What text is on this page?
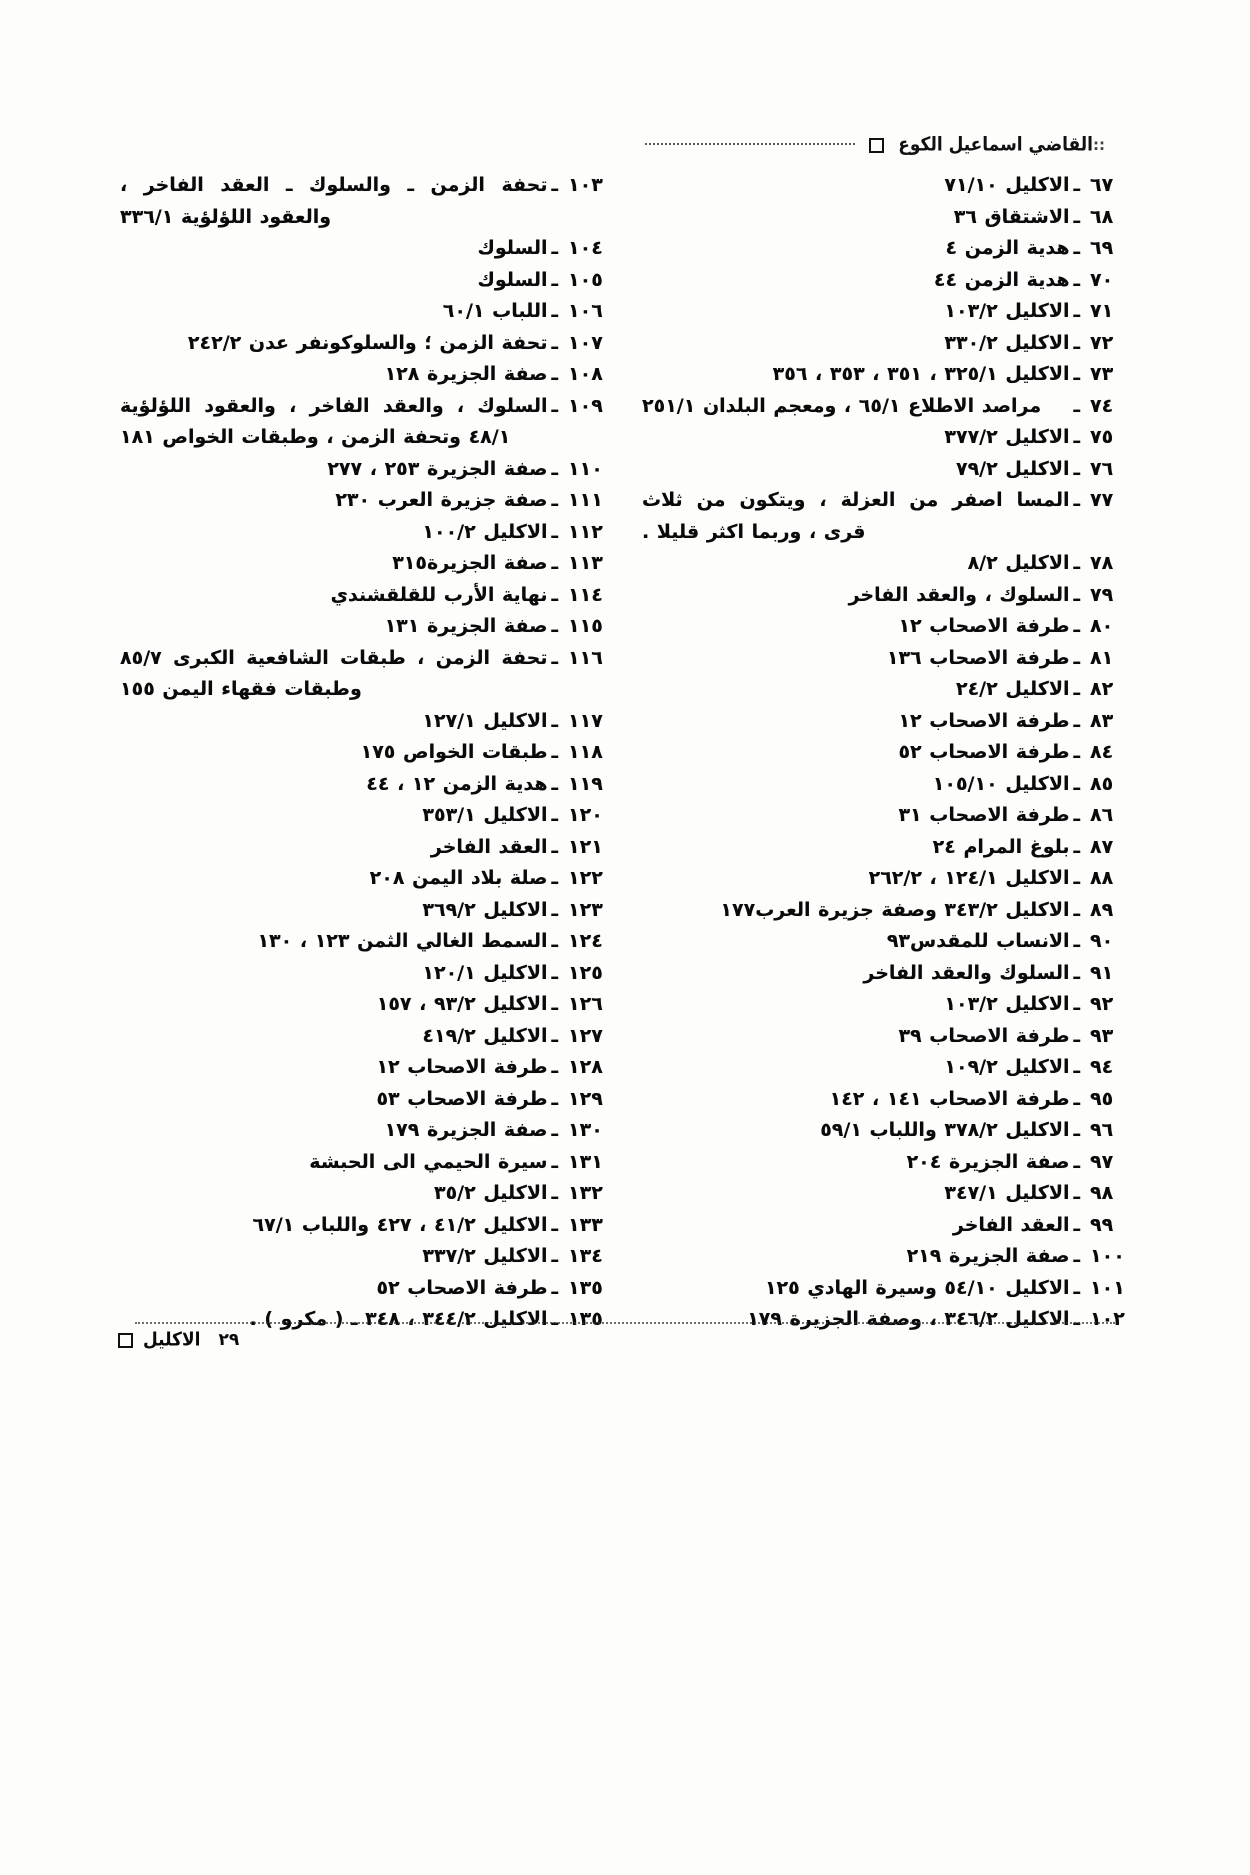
::
القاضي اسماعيل الكوع
٦٧
ـ
الاكليل ٧١/١٠
٦٨
ـ
الاشتقاق ٣٦
٦٩
ـ
هدية الزمن ٤
٧٠
ـ
هدية الزمن ٤٤
٧١
ـ
الاكليل ١٠٣/٢
٧٢
ـ
الاكليل ٣٣٠/٢
٧٣
ـ
الاكليل ٣٢٥/١ ، ٣٥١ ، ٣٥٣ ، ٣٥٦
٧٤
ـ
مراصد الاطلاع ٦٥/١ ، ومعجم البلدان ٢٥١/١
٧٥
ـ
الاكليل ٣٧٧/٢
٧٦
ـ
الاكليل ٧٩/٢
٧٧
ـ
المسا اصفر من العزلة ، ويتكون من ثلاث قرى ، وربما اكثر قليلا .
٧٨
ـ
الاكليل ٨/٢
٧٩
ـ
السلوك ، والعقد الفاخر
٨٠
ـ
طرفة الاصحاب ١٢
٨١
ـ
طرفة الاصحاب ١٣٦
٨٢
ـ
الاكليل ٢٤/٢
٨٣
ـ
طرفة الاصحاب ١٢
٨٤
ـ
طرفة الاصحاب ٥٢
٨٥
ـ
الاكليل ١٠٥/١٠
٨٦
ـ
طرفة الاصحاب ٣١
٨٧
ـ
بلوغ المرام ٢٤
٨٨
ـ
الاكليل ١٢٤/١ ، ٢٦٢/٢
٨٩
ـ
الاكليل ٣٤٣/٢ وصفة جزيرة العرب١٧٧
٩٠
ـ
الانساب للمقدس٩٣
٩١
ـ
السلوك والعقد الفاخر
٩٢
ـ
الاكليل ١٠٣/٢
٩٣
ـ
طرفة الاصحاب ٣٩
٩٤
ـ
الاكليل ١٠٩/٢
٩٥
ـ
طرفة الاصحاب ١٤١ ، ١٤٢
٩٦
ـ
الاكليل ٣٧٨/٢ واللباب ٥٩/١
٩٧
ـ
صفة الجزيرة ٢٠٤
٩٨
ـ
الاكليل ٣٤٧/١
٩٩
ـ
العقد الفاخر
١٠٠
ـ
صفة الجزيرة ٢١٩
١٠١
ـ
الاكليل ٥٤/١٠ وسيرة الهادي ١٢٥
١٠٢
ـ
الاكليل ٣٤٦/٢ ، وصفة الجزيرة ١٧٩
١٠٣
ـ
تحفة الزمن ـ والسلوك ـ العقد الفاخر ، والعقود اللؤلؤية ٣٣٦/١
١٠٤
ـ
السلوك
١٠٥
ـ
السلوك
١٠٦
ـ
اللباب ٦٠/١
١٠٧
ـ
تحفة الزمن ؛ والسلوكونفر عدن ٢٤٢/٢
١٠٨
ـ
صفة الجزيرة ١٢٨
١٠٩
ـ
السلوك ، والعقد الفاخر ، والعقود اللؤلؤية ٤٨/١ وتحفة الزمن ، وطبقات الخواص ١٨١
١١٠
ـ
صفة الجزيرة ٢٥٣ ، ٢٧٧
١١١
ـ
صفة جزيرة العرب ٢٣٠
١١٢
ـ
الاكليل ١٠٠/٢
١١٣
ـ
صفة الجزيرة٣١٥
١١٤
ـ
نهاية الأرب للقلقشندي
١١٥
ـ
صفة الجزيرة ١٣١
١١٦
ـ
تحفة الزمن ، طبقات الشافعية الكبرى ٨٥/٧ وطبقات فقهاء اليمن ١٥٥
١١٧
ـ
الاكليل ١٢٧/١
١١٨
ـ
طبقات الخواص ١٧٥
١١٩
ـ
هدية الزمن ١٢ ، ٤٤
١٢٠
ـ
الاكليل ٣٥٣/١
١٢١
ـ
العقد الفاخر
١٢٢
ـ
صلة بلاد اليمن ٢٠٨
١٢٣
ـ
الاكليل ٣٦٩/٢
١٢٤
ـ
السمط الغالي الثمن ١٢٣ ، ١٣٠
١٢٥
ـ
الاكليل ١٢٠/١
١٢٦
ـ
الاكليل ٩٣/٢ ، ١٥٧
١٢٧
ـ
الاكليل ٤١٩/٢
١٢٨
ـ
طرفة الاصحاب ١٢
١٢٩
ـ
طرفة الاصحاب ٥٣
١٣٠
ـ
صفة الجزيرة ١٧٩
١٣١
ـ
سيرة الحيمي الى الحبشة
١٣٢
ـ
الاكليل ٣٥/٢
١٣٣
ـ
الاكليل ٤١/٢ ، ٤٢٧ واللباب ٦٧/١
١٣٤
ـ
الاكليل ٣٣٧/٢
١٣٥
ـ
طرفة الاصحاب ٥٢
١٣٥
ـ
الاكليل ٣٤٤/٢ ، ٣٤٨ ـ ( مكرو ) .
٢٩
الاكليل
